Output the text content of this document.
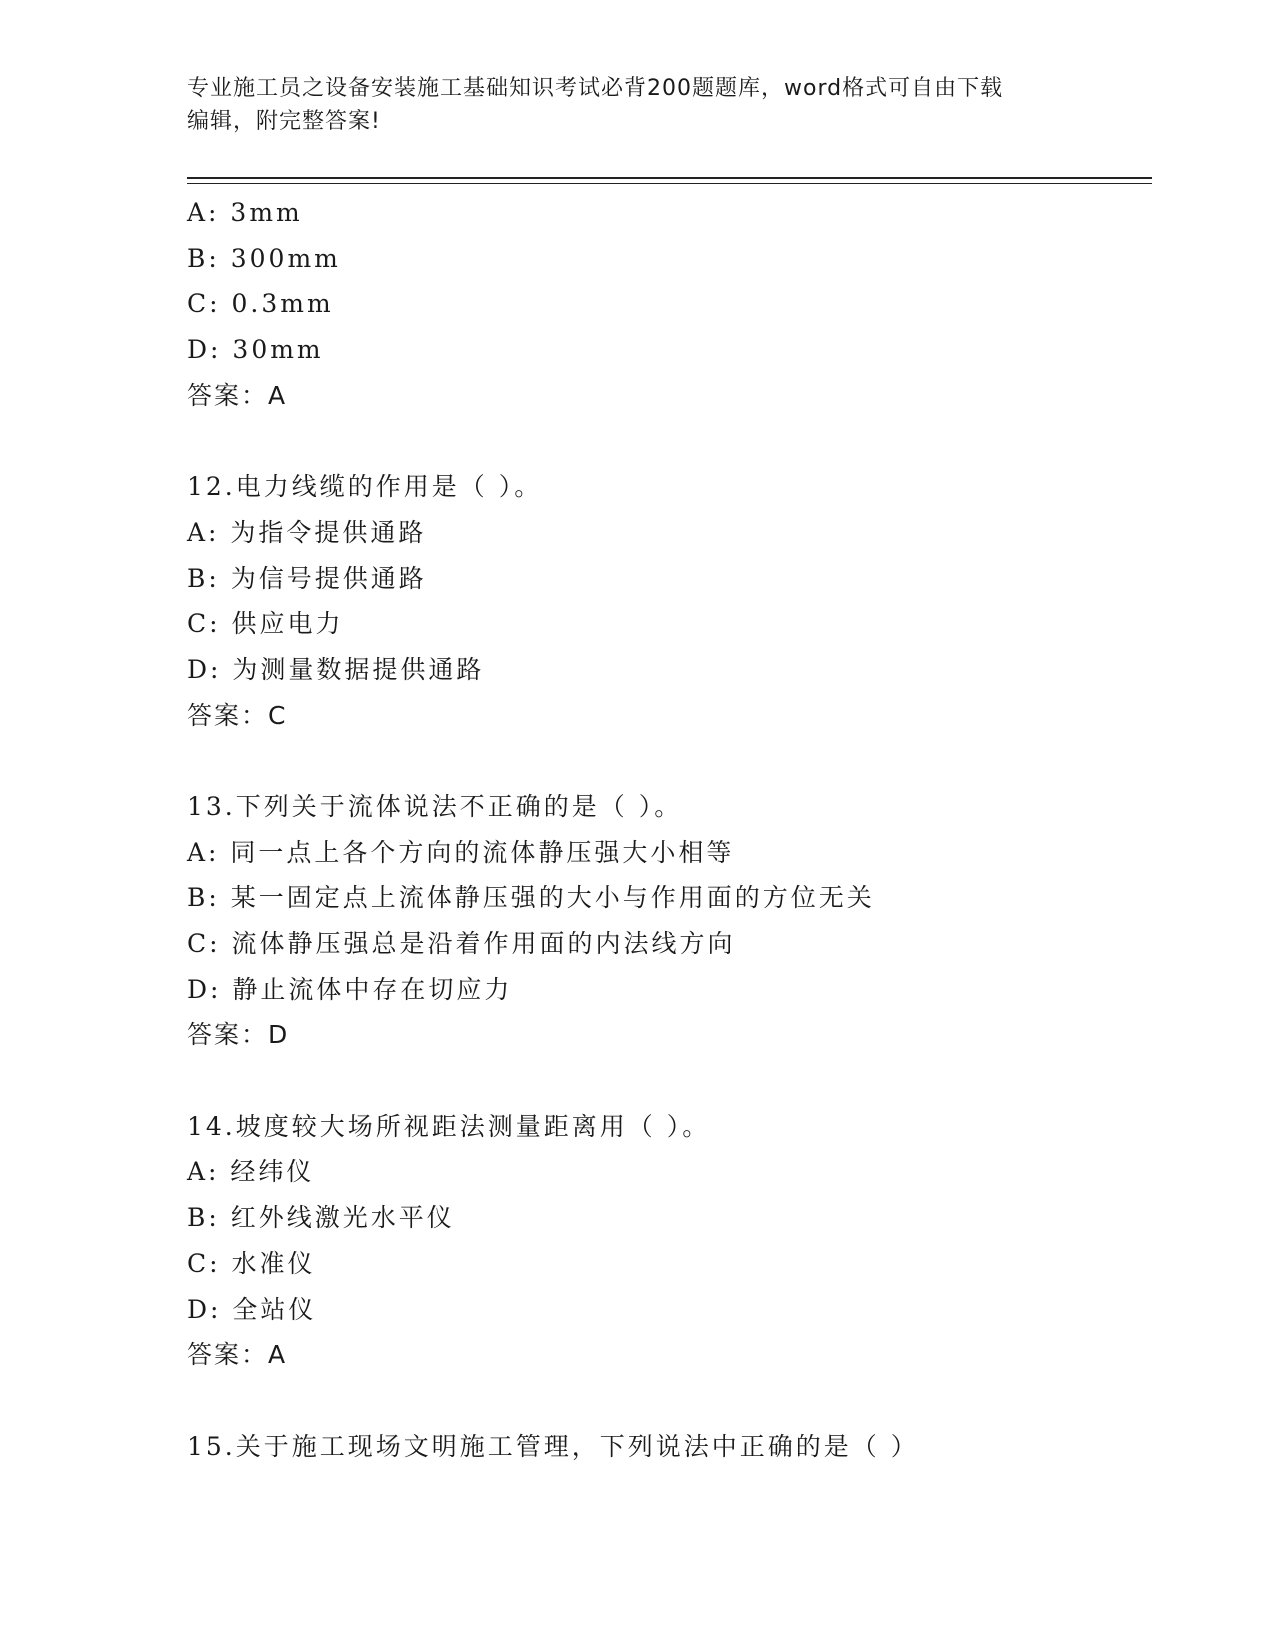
专业施工员之设备安装施工基础知识考试必背200题题库，word格式可自由下载
编辑，附完整答案!
A: 3mm
B: 300mm
C: 0.3mm
D: 30mm
答案：A
12.电力线缆的作用是（ ）。
A: 为指令提供通路
B: 为信号提供通路
C: 供应电力
D: 为测量数据提供通路
答案：C
13.下列关于流体说法不正确的是（ ）。
A: 同一点上各个方向的流体静压强大小相等
B: 某一固定点上流体静压强的大小与作用面的方位无关
C: 流体静压强总是沿着作用面的内法线方向
D: 静止流体中存在切应力
答案：D
14.坡度较大场所视距法测量距离用（ ）。
A: 经纬仪
B: 红外线激光水平仪
C: 水准仪
D: 全站仪
答案：A
15.关于施工现场文明施工管理，下列说法中正确的是（ ）
